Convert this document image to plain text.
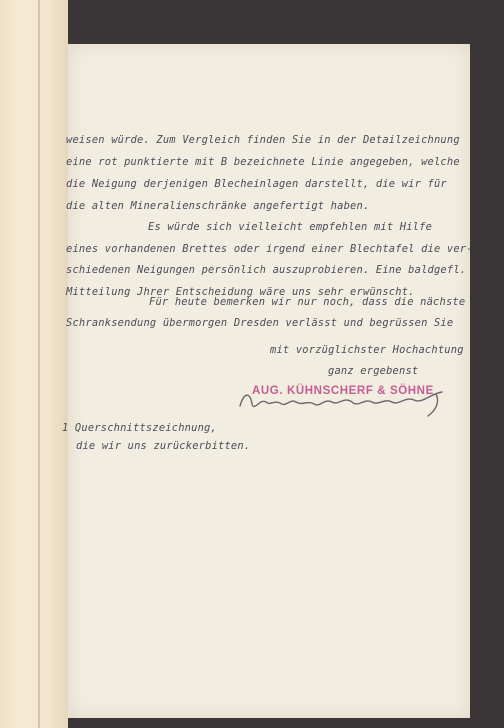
weisen würde. Zum Vergleich finden Sie in der Detailzeichnung
eine rot punktierte mit B bezeichnete Linie angegeben, welche
die Neigung derjenigen Blecheinlagen darstellt, die wir für
die alten Mineralienschränke angefertigt haben.
Es würde sich vielleicht empfehlen mit Hilfe
eines vorhandenen Brettes oder irgend einer Blechtafel die ver-
schiedenen Neigungen persönlich auszuprobieren. Eine baldgefl.
Mitteilung Jhrer Entscheidung wäre uns sehr erwünscht.
Für heute bemerken wir nur noch, dass die nächste
Schranksendung übermorgen Dresden verlässt und begrüssen Sie
mit vorzüglichster Hochachtung
ganz ergebenst
1 Querschnittszeichnung,
die wir uns zurückerbitten.
AUG. KÜHNSCHERF & SÖHNE
